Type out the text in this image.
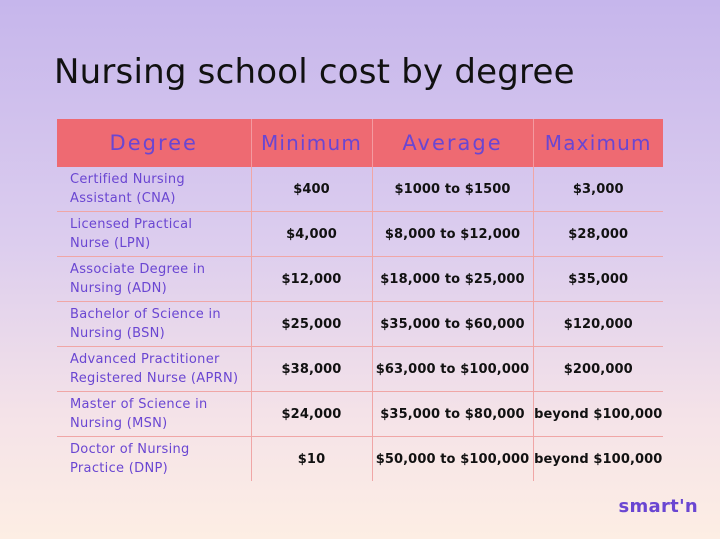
Nursing school cost by degree
Degree	Minimum	Average	Maximum
Certified Nursing
Assistant (CNA)	$400	$1000 to $1500	$3,000
Licensed Practical
Nurse (LPN)	$4,000	$8,000 to $12,000	$28,000
Associate Degree in
Nursing (ADN)	$12,000	$18,000 to $25,000	$35,000
Bachelor of Science in
Nursing (BSN)	$25,000	$35,000 to $60,000	$120,000
Advanced Practitioner
Registered Nurse (APRN)	$38,000	$63,000 to $100,000	$200,000
Master of Science in
Nursing (MSN)	$24,000	$35,000 to $80,000	beyond $100,000
Doctor of Nursing
Practice (DNP)	$10	$50,000 to $100,000	beyond $100,000
smart'n
